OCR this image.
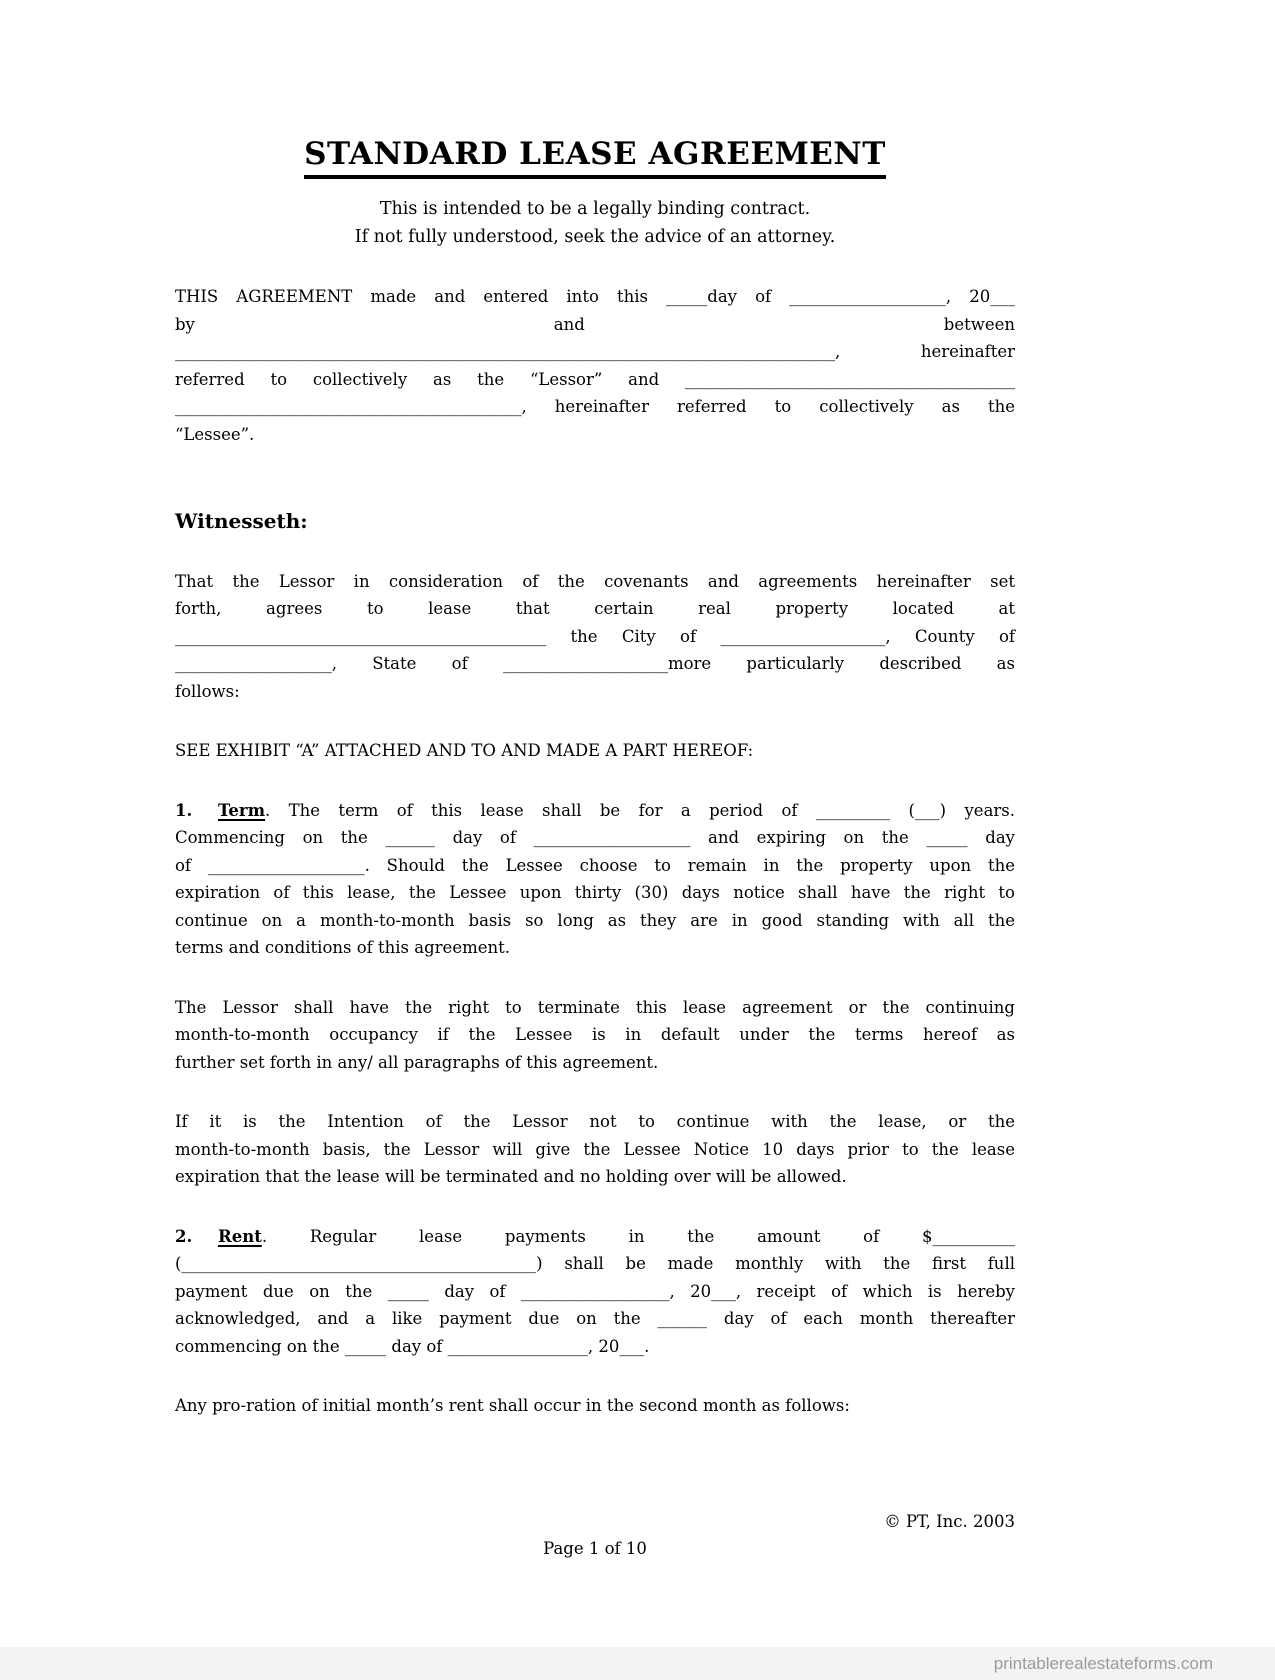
STANDARD LEASE AGREEMENT
This is intended to be a legally binding contract.
If not fully understood, seek the advice of an attorney.
THIS AGREEMENT made and entered into this _____day of ___________________, 20___
by and between
________________________________________________________________________________, hereinafter
referred to collectively as the “Lessor” and ________________________________________
__________________________________________, hereinafter referred to collectively as the
“Lessee”.
Witnesseth:
That the Lessor in consideration of the covenants and agreements hereinafter set
forth, agrees to lease that certain real property located at
_____________________________________________ the City of ____________________, County of
___________________, State of ____________________more particularly described as
follows:
SEE EXHIBIT “A” ATTACHED AND TO AND MADE A PART HEREOF:
1. Term. The term of this lease shall be for a period of _________ (___) years.
Commencing on the ______ day of ___________________ and expiring on the _____ day
of ___________________. Should the Lessee choose to remain in the property upon the
expiration of this lease, the Lessee upon thirty (30) days notice shall have the right to
continue on a month-to-month basis so long as they are in good standing with all the
terms and conditions of this agreement.
The Lessor shall have the right to terminate this lease agreement or the continuing
month-to-month occupancy if the Lessee is in default under the terms hereof as
further set forth in any/ all paragraphs of this agreement.
If it is the Intention of the Lessor not to continue with the lease, or the
month-to-month basis, the Lessor will give the Lessee Notice 10 days prior to the lease
expiration that the lease will be terminated and no holding over will be allowed.
2. Rent. Regular lease payments in the amount of $__________
(___________________________________________) shall be made monthly with the first full
payment due on the _____ day of __________________, 20___, receipt of which is hereby
acknowledged, and a like payment due on the ______ day of each month thereafter
commencing on the _____ day of _________________, 20___.
Any pro-ration of initial month’s rent shall occur in the second month as follows:
© PT, Inc. 2003
Page 1 of 10
printablerealestateforms.com
